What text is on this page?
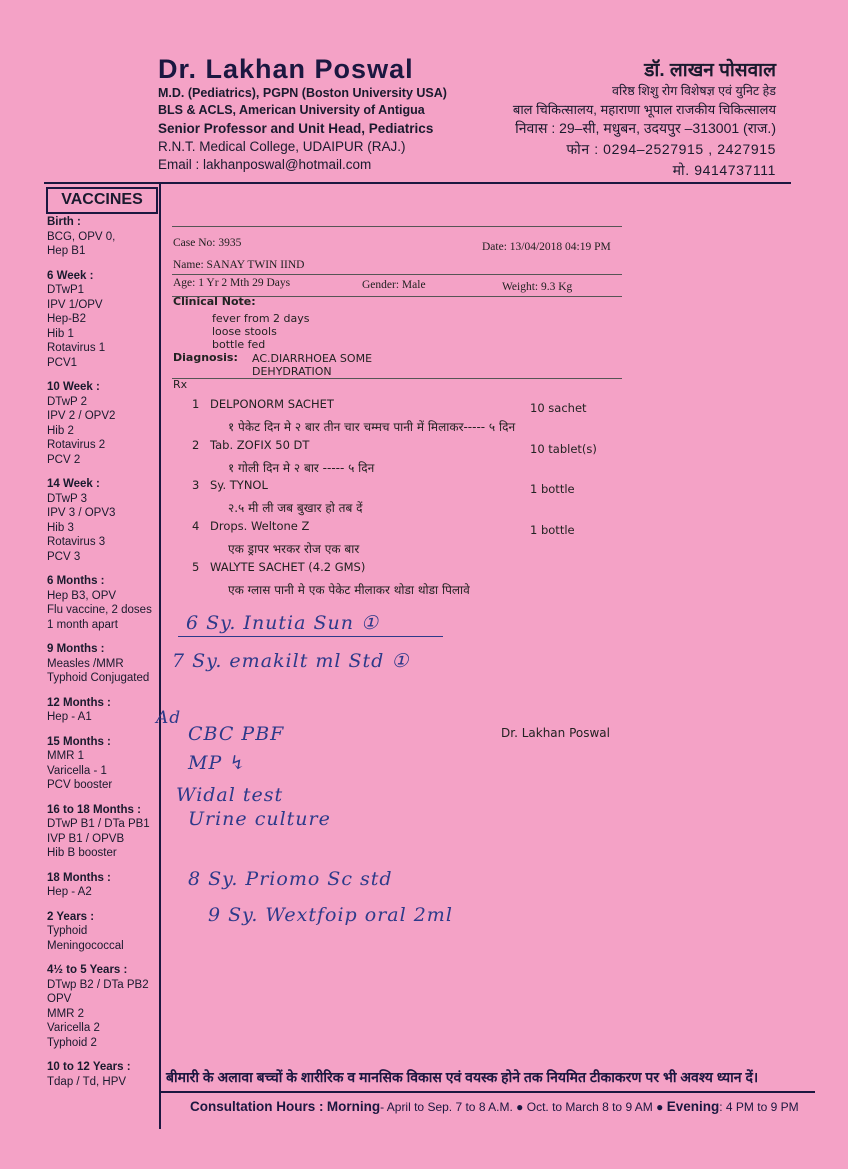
Dr. Lakhan Poswal
M.D. (Pediatrics), PGPN (Boston University USA)
BLS & ACLS, American University of Antigua
Senior Professor and Unit Head, Pediatrics
R.N.T. Medical College, UDAIPUR (RAJ.)
Email : lakhanposwal@hotmail.com
डॉ. लाखन पोसवाल
वरिष्ठ शिशु रोग विशेषज्ञ एवं युनिट हेड
बाल चिकित्सालय, महाराणा भूपाल राजकीय चिकित्सालय
निवास : 29–सी, मधुबन, उदयपुर –313001 (राज.)
फोन : 0294–2527915 , 2427915
मो. 9414737111
VACCINES
Birth :
BCG, OPV 0,
Hep B1
6 Week :
DTwP1
IPV 1/OPV
Hep-B2
Hib 1
Rotavirus 1
PCV1
10 Week :
DTwP 2
IPV 2 / OPV2
Hib 2
Rotavirus 2
PCV 2
14 Week :
DTwP 3
IPV 3 / OPV3
Hib 3
Rotavirus 3
PCV 3
6 Months :
Hep B3, OPV
Flu vaccine, 2 doses
1 month apart
9 Months :
Measles /MMR
Typhoid Conjugated
12 Months :
Hep - A1
15 Months :
MMR 1
Varicella - 1
PCV booster
16 to 18 Months :
DTwP B1 / DTa PB1
IVP B1 / OPVB
Hib B booster
18 Months :
Hep - A2
2 Years :
Typhoid
Meningococcal
4½ to 5 Years :
DTwp B2 / DTa PB2
OPV
MMR 2
Varicella 2
Typhoid 2
10 to 12 Years :
Tdap / Td, HPV
Case No: 3935	Date: 13/04/2018 04:19 PM
Name: SANAY TWIN IIND
Age: 1 Yr 2 Mth 29 Days	Gender: Male	Weight: 9.3 Kg
Clinical Note:
fever from 2 days
loose stools
bottle fed
Diagnosis: AC.DIARRHOEA SOME
DEHYDRATION
Rx
1 DELPONORM SACHET	10 sachet
१ पेकेट दिन मे २ बार तीन चार चम्मच पानी में मिलाकर----- ५ दिन
2 Tab. ZOFIX 50 DT	10 tablet(s)
१ गोली दिन मे २ बार ----- ५ दिन
3 Sy. TYNOL	1 bottle
२.५ मी ली जब बुखार हो तब दें
4 Drops. Weltone Z	1 bottle
एक ड्रापर भरकर रोज एक बार
5 WALYTE SACHET (4.2 GMS)
एक ग्लास पानी मे एक पेकेट मीलाकर थोडा थोडा पिलावे
6 Sy. Inutia Sun ①
7 Sy. emakilt ml Std ①
Ad
CBC PBF
MP ↯
Widal test
Urine culture
8 Sy. Priomo Sc std
9 Sy. Wextfoip oral 2ml
Dr. Lakhan Poswal
बीमारी के अलावा बच्चों के शारीरिक व मानसिक विकास एवं वयस्क होने तक नियमित टीकाकरण पर भी अवश्य ध्यान दें।
Consultation Hours : Morning- April to Sep. 7 to 8 A.M. ● Oct. to March 8 to 9 AM ● Evening: 4 PM to 9 PM
